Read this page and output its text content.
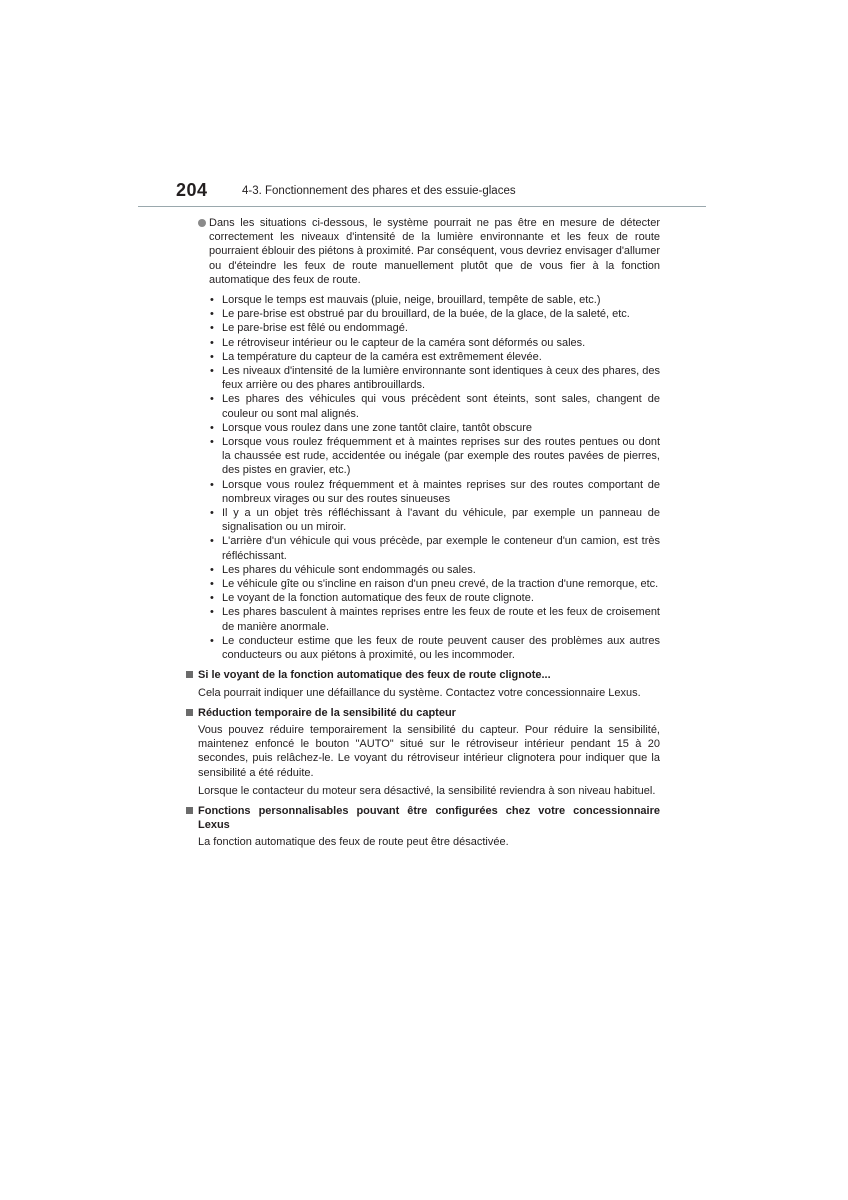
204	4-3. Fonctionnement des phares et des essuie-glaces
Dans les situations ci-dessous, le système pourrait ne pas être en mesure de détecter correctement les niveaux d'intensité de la lumière environnante et les feux de route pourraient éblouir des piétons à proximité. Par conséquent, vous devriez envisager d'allumer ou d'éteindre les feux de route manuellement plutôt que de vous fier à la fonction automatique des feux de route.
• Lorsque le temps est mauvais (pluie, neige, brouillard, tempête de sable, etc.)
• Le pare-brise est obstrué par du brouillard, de la buée, de la glace, de la saleté, etc.
• Le pare-brise est fêlé ou endommagé.
• Le rétroviseur intérieur ou le capteur de la caméra sont déformés ou sales.
• La température du capteur de la caméra est extrêmement élevée.
• Les niveaux d'intensité de la lumière environnante sont identiques à ceux des phares, des feux arrière ou des phares antibrouillards.
• Les phares des véhicules qui vous précèdent sont éteints, sont sales, changent de couleur ou sont mal alignés.
• Lorsque vous roulez dans une zone tantôt claire, tantôt obscure
• Lorsque vous roulez fréquemment et à maintes reprises sur des routes pentues ou dont la chaussée est rude, accidentée ou inégale (par exemple des routes pavées de pierres, des pistes en gravier, etc.)
• Lorsque vous roulez fréquemment et à maintes reprises sur des routes comportant de nombreux virages ou sur des routes sinueuses
• Il y a un objet très réfléchissant à l'avant du véhicule, par exemple un panneau de signalisation ou un miroir.
• L'arrière d'un véhicule qui vous précède, par exemple le conteneur d'un camion, est très réfléchissant.
• Les phares du véhicule sont endommagés ou sales.
• Le véhicule gîte ou s'incline en raison d'un pneu crevé, de la traction d'une remorque, etc.
• Le voyant de la fonction automatique des feux de route clignote.
• Les phares basculent à maintes reprises entre les feux de route et les feux de croisement de manière anormale.
• Le conducteur estime que les feux de route peuvent causer des problèmes aux autres conducteurs ou aux piétons à proximité, ou les incommoder.
Si le voyant de la fonction automatique des feux de route clignote...

Cela pourrait indiquer une défaillance du système. Contactez votre concessionnaire Lexus.

Réduction temporaire de la sensibilité du capteur

Vous pouvez réduire temporairement la sensibilité du capteur. Pour réduire la sensibilité, maintenez enfoncé le bouton "AUTO" situé sur le rétroviseur intérieur pendant 15 à 20 secondes, puis relâchez-le. Le voyant du rétroviseur intérieur clignotera pour indiquer que la sensibilité a été réduite.

Lorsque le contacteur du moteur sera désactivé, la sensibilité reviendra à son niveau habituel.

Fonctions personnalisables pouvant être configurées chez votre concessionnaire Lexus

La fonction automatique des feux de route peut être désactivée.
